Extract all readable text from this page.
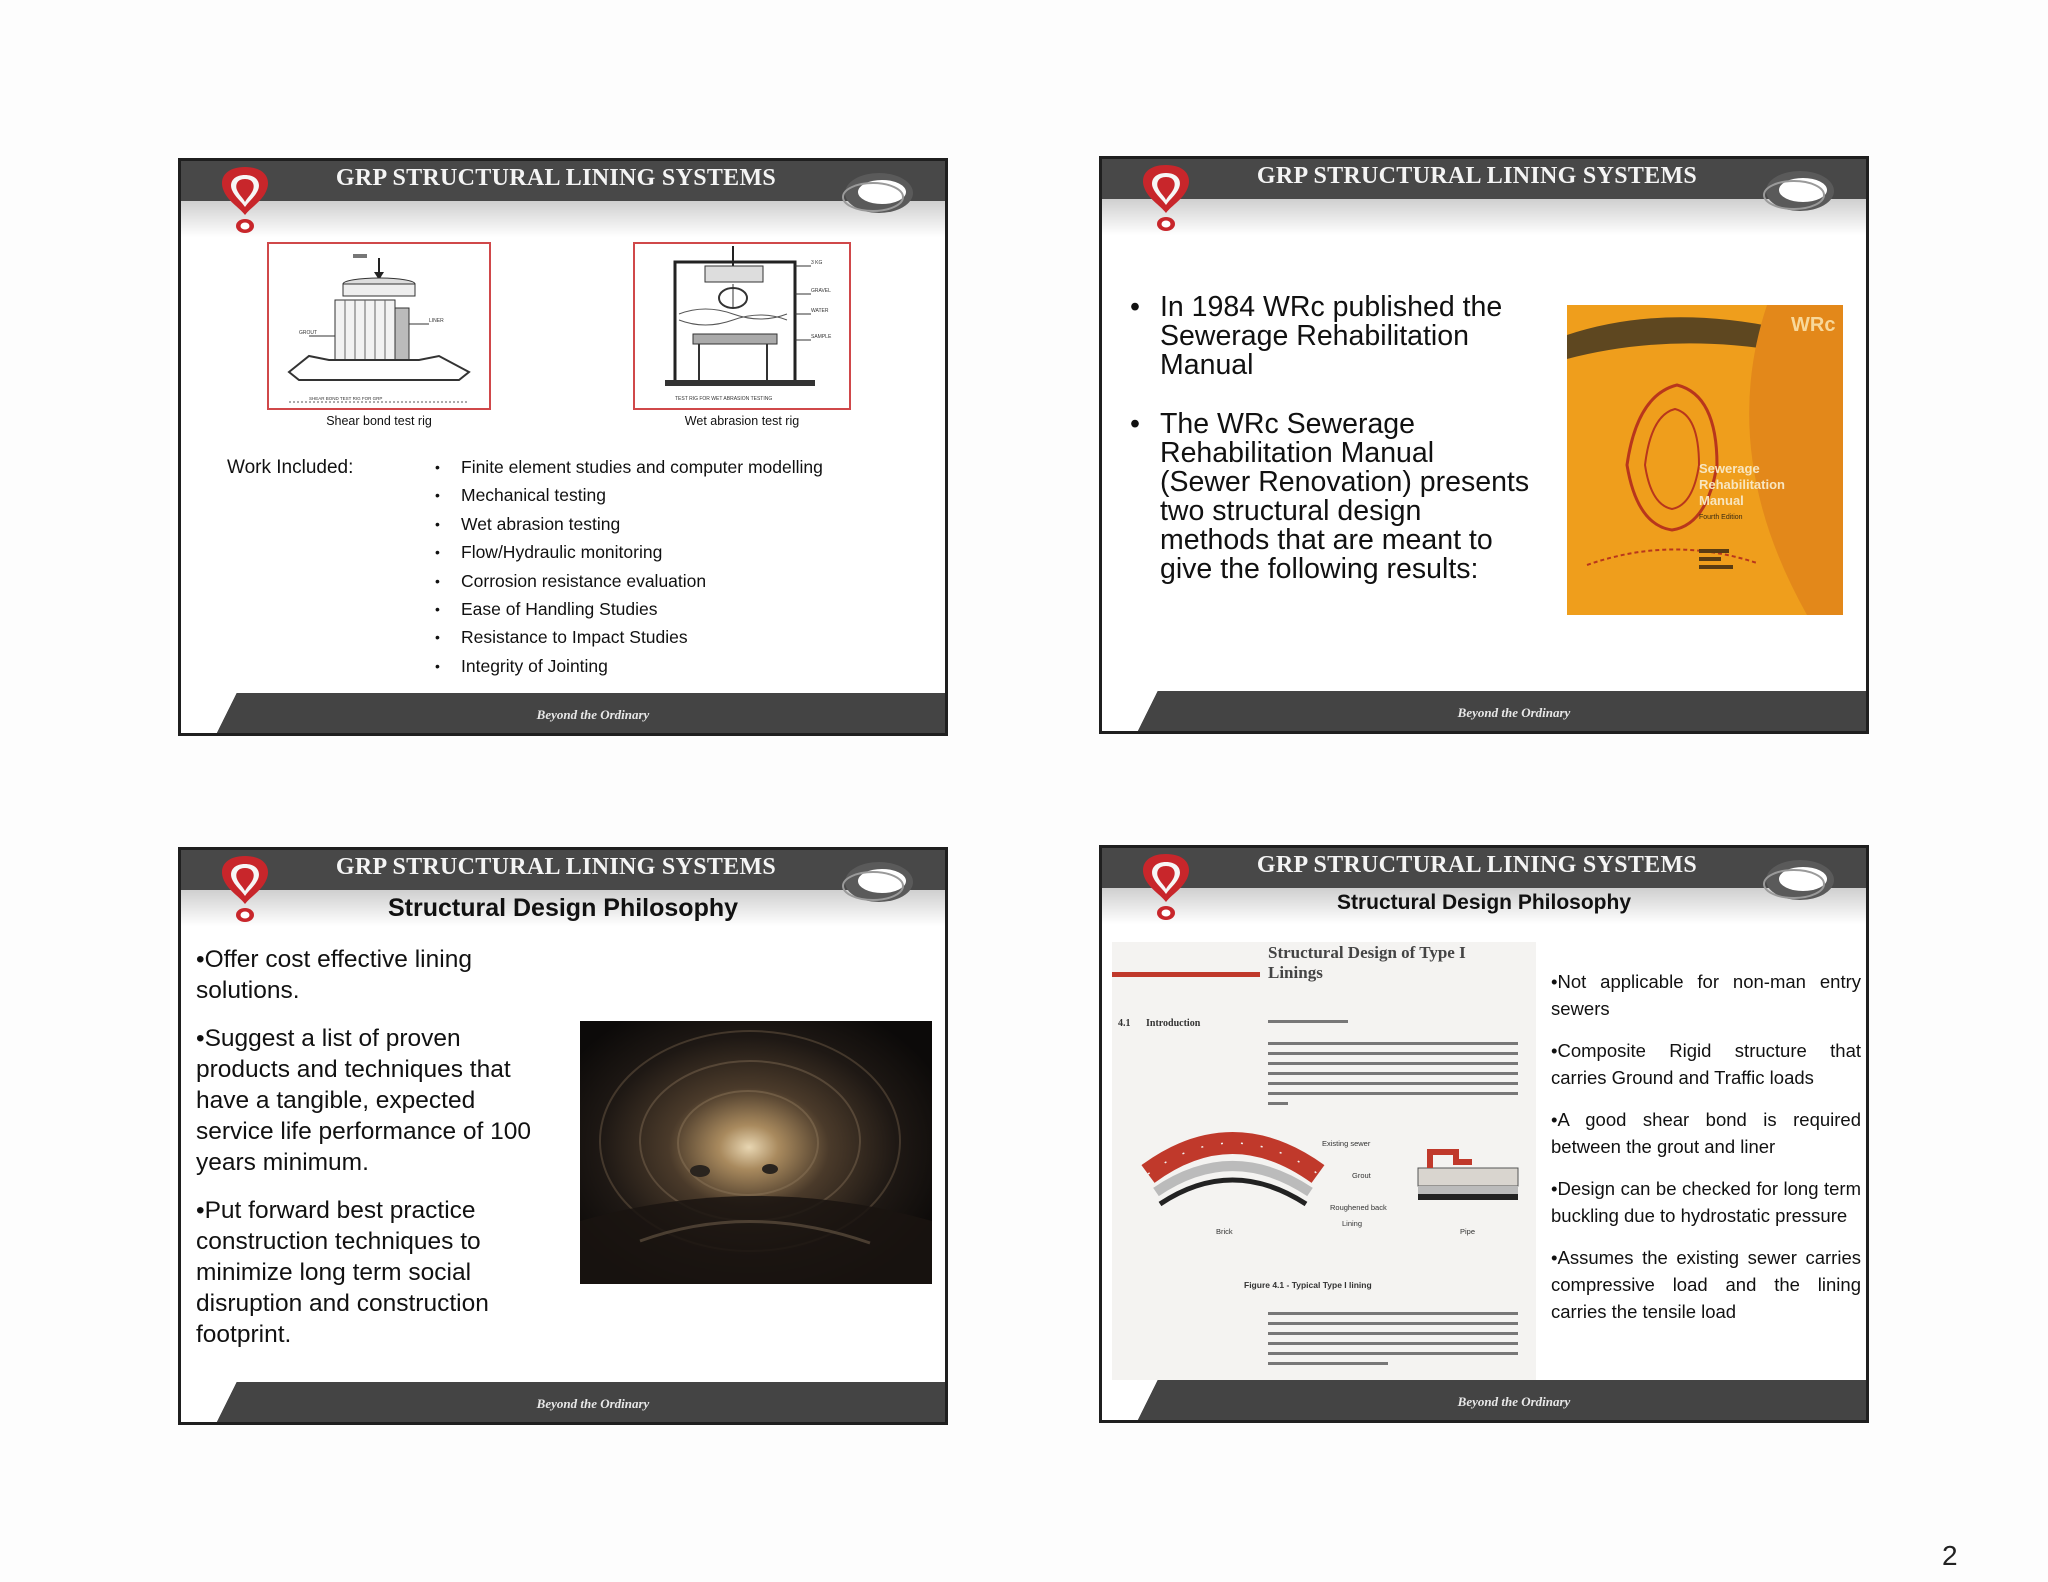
GRP STRUCTURAL LINING SYSTEMS
GROUT
LINER
SHEAR BOND TEST RIG FOR GRP
Shear bond test rig
3 KG
GRAVEL
WATER
SAMPLE
TEST RIG FOR WET ABRASION TESTING
Wet abrasion test rig
Work Included:
•	Finite element studies and computer modelling
• Mechanical testing
• Wet abrasion testing
• Flow/Hydraulic monitoring
• Corrosion resistance evaluation
• Ease of Handling Studies
• Resistance to Impact Studies
• Integrity of Jointing
Beyond the Ordinary
GRP STRUCTURAL LINING SYSTEMS
• In 1984 WRc published the Sewerage Rehabilitation Manual
• The WRc Sewerage Rehabilitation Manual (Sewer Renovation) presents two structural design methods that are meant to give the following results:
WRc
Sewerage
Rehabilitation
Manual
Fourth Edition
Beyond the Ordinary
GRP STRUCTURAL LINING SYSTEMS
Structural Design Philosophy

•Offer cost effective lining solutions.

•Suggest a list of proven products and techniques that have a tangible, expected service life performance of 100 years minimum.

•Put forward best practice construction techniques to minimize long term social disruption and construction footprint.

Beyond the Ordinary
GRP STRUCTURAL LINING SYSTEMS
Structural Design Philosophy
Structural Design of Type I
Linings
4.1 Introduction
Existing sewer
Grout
Roughened back
Lining
Brick	Pipe
Figure 4.1 - Typical Type I lining

•Not applicable for non-man entry sewers

•Composite Rigid structure that carries Ground and Traffic loads

•A good shear bond is required between the grout and liner

•Design can be checked for long term buckling due to hydrostatic pressure

•Assumes the existing sewer carries compressive load and the lining carries the tensile load

Beyond the Ordinary
2
